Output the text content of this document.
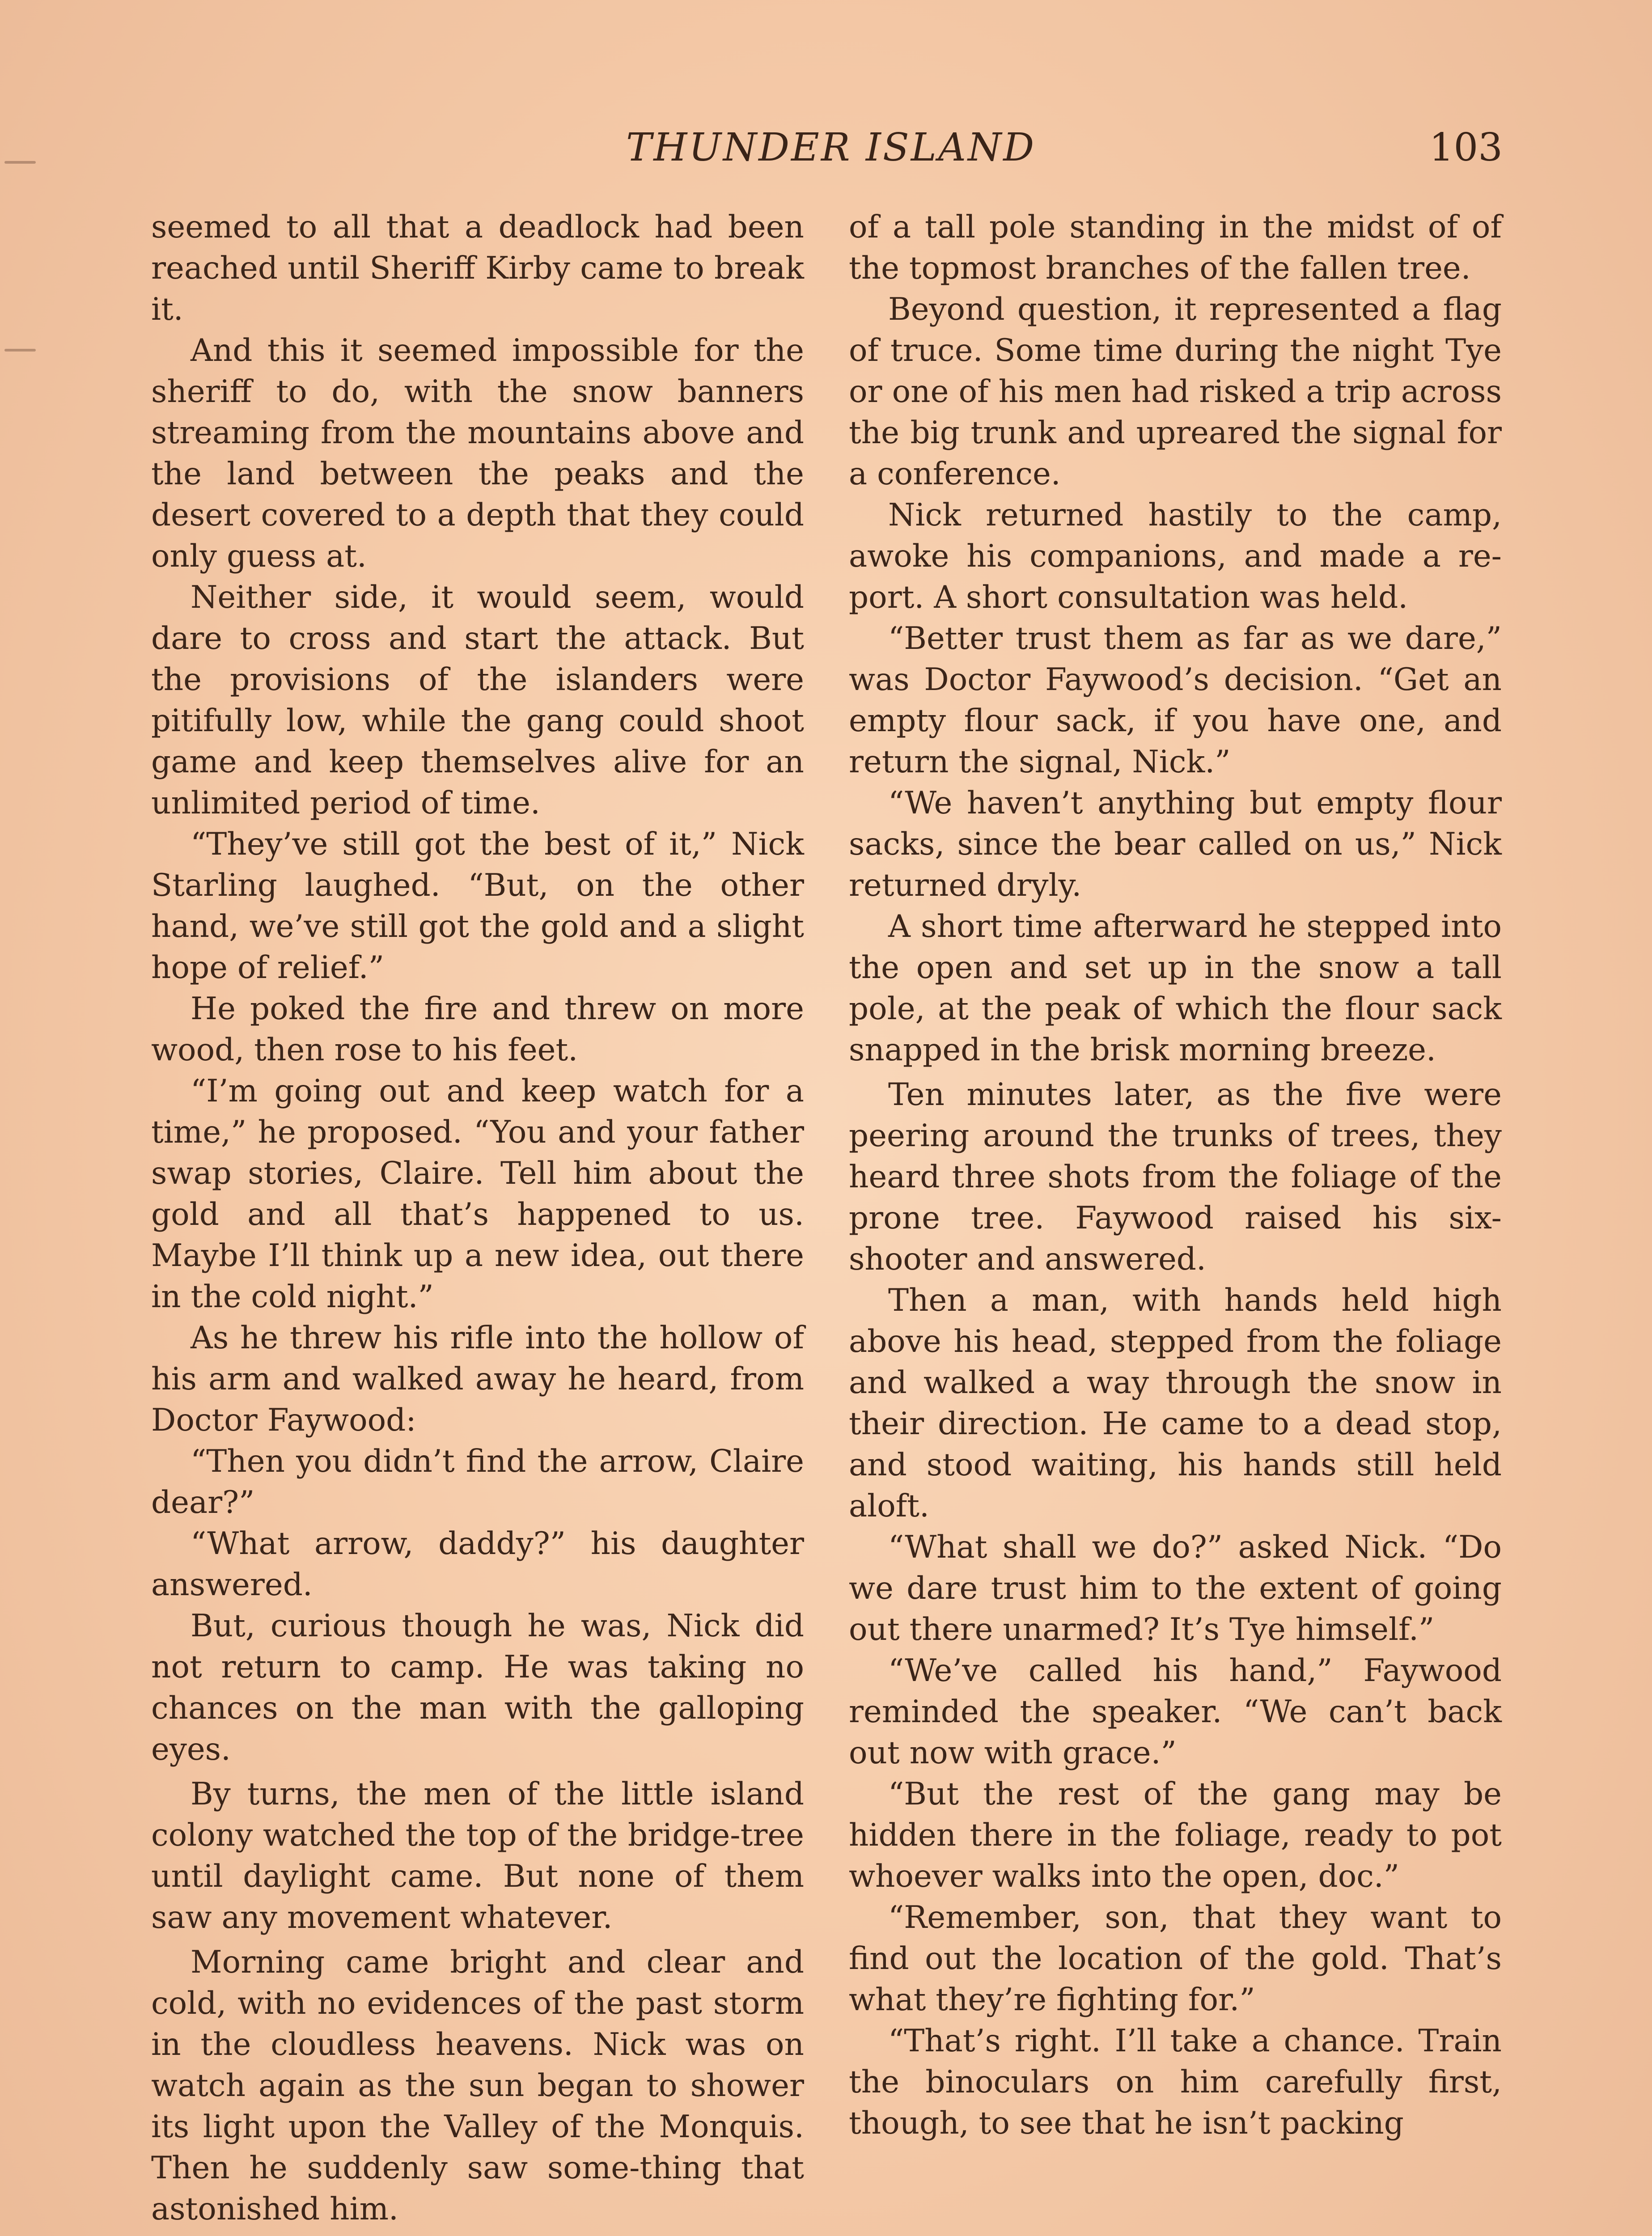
THUNDER ISLAND	103

seemed to all that a deadlock had been reached until Sheriff Kirby came to break it.

And this it seemed impossible for the sheriff to do, with the snow banners streaming from the mountains above and the land between the peaks and the desert covered to a depth that they could only guess at.

Neither side, it would seem, would dare to cross and start the attack. But the provisions of the islanders were pitifully low, while the gang could shoot game and keep themselves alive for an unlimited period of time.

“They’ve still got the best of it,” Nick Starling laughed. “But, on the other hand, we’ve still got the gold and a slight hope of relief.”

He poked the fire and threw on more wood, then rose to his feet.

“I’m going out and keep watch for a time,” he proposed. “You and your father swap stories, Claire. Tell him about the gold and all that’s happened to us. Maybe I’ll think up a new idea, out there in the cold night.”

As he threw his rifle into the hollow of his arm and walked away he heard, from Doctor Faywood:

“Then you didn’t find the arrow, Claire dear?”

“What arrow, daddy?” his daughter answered.

But, curious though he was, Nick did not return to camp. He was taking no chances on the man with the galloping eyes.

By turns, the men of the little island colony watched the top of the bridge-tree until daylight came. But none of them saw any movement whatever.

Morning came bright and clear and cold, with no evidences of the past storm in the cloudless heavens. Nick was on watch again as the sun began to shower its light upon the Valley of the Monquis. Then he suddenly saw some-thing that astonished him.

of a tall pole standing in the midst of of the topmost branches of the fallen tree.

Beyond question, it represented a flag of truce. Some time during the night Tye or one of his men had risked a trip across the big trunk and upreared the signal for a conference.

Nick returned hastily to the camp, awoke his companions, and made a re-port. A short consultation was held.

“Better trust them as far as we dare,” was Doctor Faywood’s decision. “Get an empty flour sack, if you have one, and return the signal, Nick.”

“We haven’t anything but empty flour sacks, since the bear called on us,” Nick returned dryly.

A short time afterward he stepped into the open and set up in the snow a tall pole, at the peak of which the flour sack snapped in the brisk morning breeze.

Ten minutes later, as the five were peering around the trunks of trees, they heard three shots from the foliage of the prone tree. Faywood raised his six-shooter and answered.

Then a man, with hands held high above his head, stepped from the foliage and walked a way through the snow in their direction. He came to a dead stop, and stood waiting, his hands still held aloft.

“What shall we do?” asked Nick. “Do we dare trust him to the extent of going out there unarmed? It’s Tye himself.”

“We’ve called his hand,” Faywood reminded the speaker. “We can’t back out now with grace.”

“But the rest of the gang may be hidden there in the foliage, ready to pot whoever walks into the open, doc.”

“Remember, son, that they want to find out the location of the gold. That’s what they’re fighting for.”

“That’s right. I’ll take a chance. Train the binoculars on him carefully first, though, to see that he isn’t packing
